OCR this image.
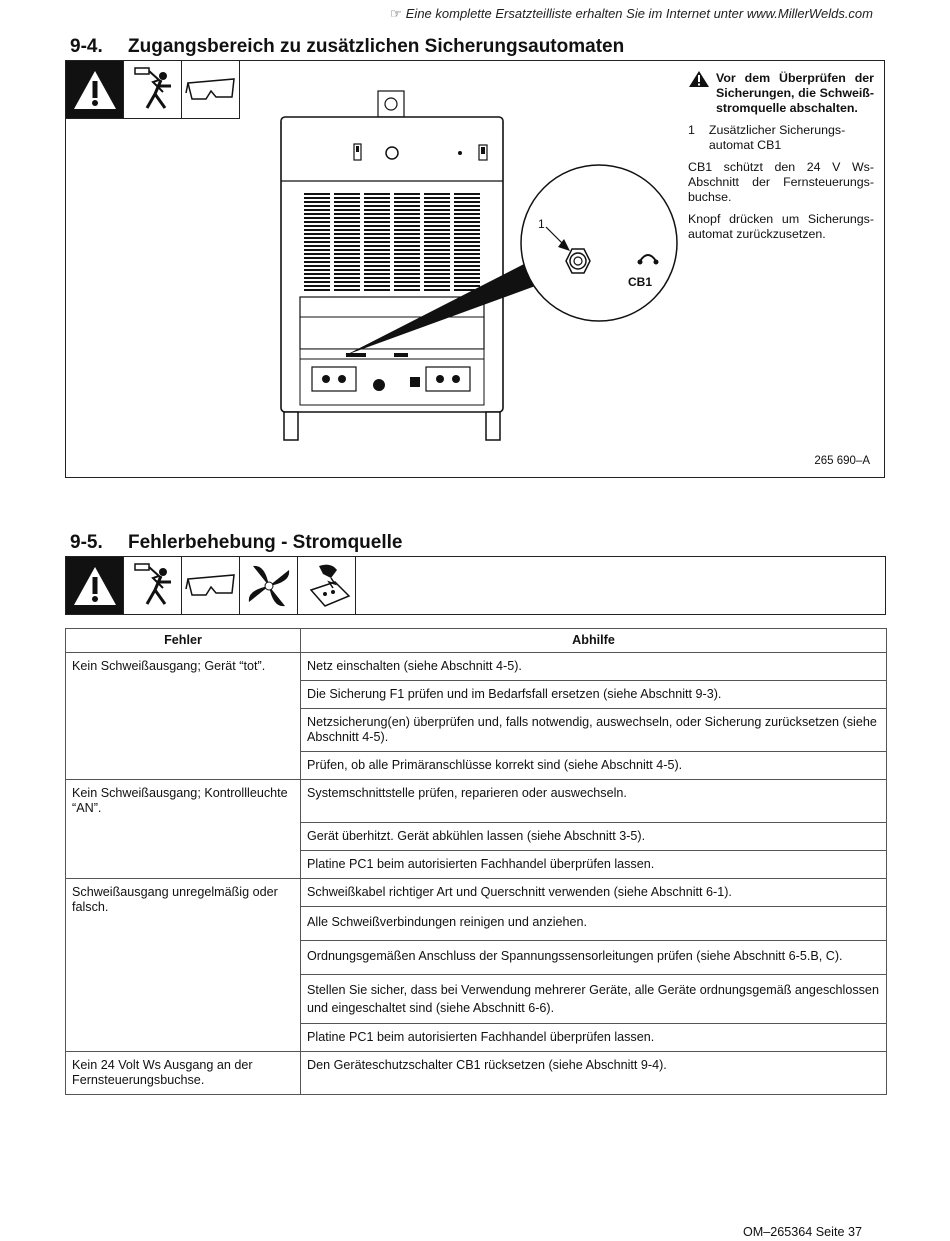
☞ Eine komplette Ersatzteilliste erhalten Sie im Internet unter www.MillerWelds.com
9-4. Zugangsbereich zu zusätzlichen Sicherungsautomaten
1
CB1

Vor dem Überprüfen der Sicherungen, die Schweiß-stromquelle abschalten.

1 Zusätzlicher Sicherungs-automat CB1

CB1 schützt den 24 V Ws-Abschnitt der Fernsteuerungs-buchse.

Knopf drücken um Sicherungs-automat zurückzusetzen.

265 690–A
9-5. Fehlerbehebung - Stromquelle
Fehler	Abhilfe
Kein Schweißausgang; Gerät “tot”.	Netz einschalten (siehe Abschnitt 4-5).
	Die Sicherung F1 prüfen und im Bedarfsfall ersetzen (siehe Abschnitt 9-3).
	Netzsicherung(en) überprüfen und, falls notwendig, auswechseln, oder Sicherung zurücksetzen (siehe Abschnitt 4-5).
	Prüfen, ob alle Primäranschlüsse korrekt sind (siehe Abschnitt 4-5).
Kein Schweißausgang; Kontrollleuchte “AN”.	Systemschnittstelle prüfen, reparieren oder auswechseln.
	Gerät überhitzt. Gerät abkühlen lassen (siehe Abschnitt 3-5).
	Platine PC1 beim autorisierten Fachhandel überprüfen lassen.
Schweißausgang unregelmäßig oder falsch.	Schweißkabel richtiger Art und Querschnitt verwenden (siehe Abschnitt 6-1).
	Alle Schweißverbindungen reinigen und anziehen.
	Ordnungsgemäßen Anschluss der Spannungssensorleitungen prüfen (siehe Abschnitt 6-5.B, C).
	Stellen Sie sicher, dass bei Verwendung mehrerer Geräte, alle Geräte ordnungsgemäß angeschlossen und eingeschaltet sind (siehe Abschnitt 6-6).
	Platine PC1 beim autorisierten Fachhandel überprüfen lassen.
Kein 24 Volt Ws Ausgang an der Fernsteuerungsbuchse.	Den Geräteschutzschalter CB1 rücksetzen (siehe Abschnitt 9-4).
OM–265364 Seite 37
